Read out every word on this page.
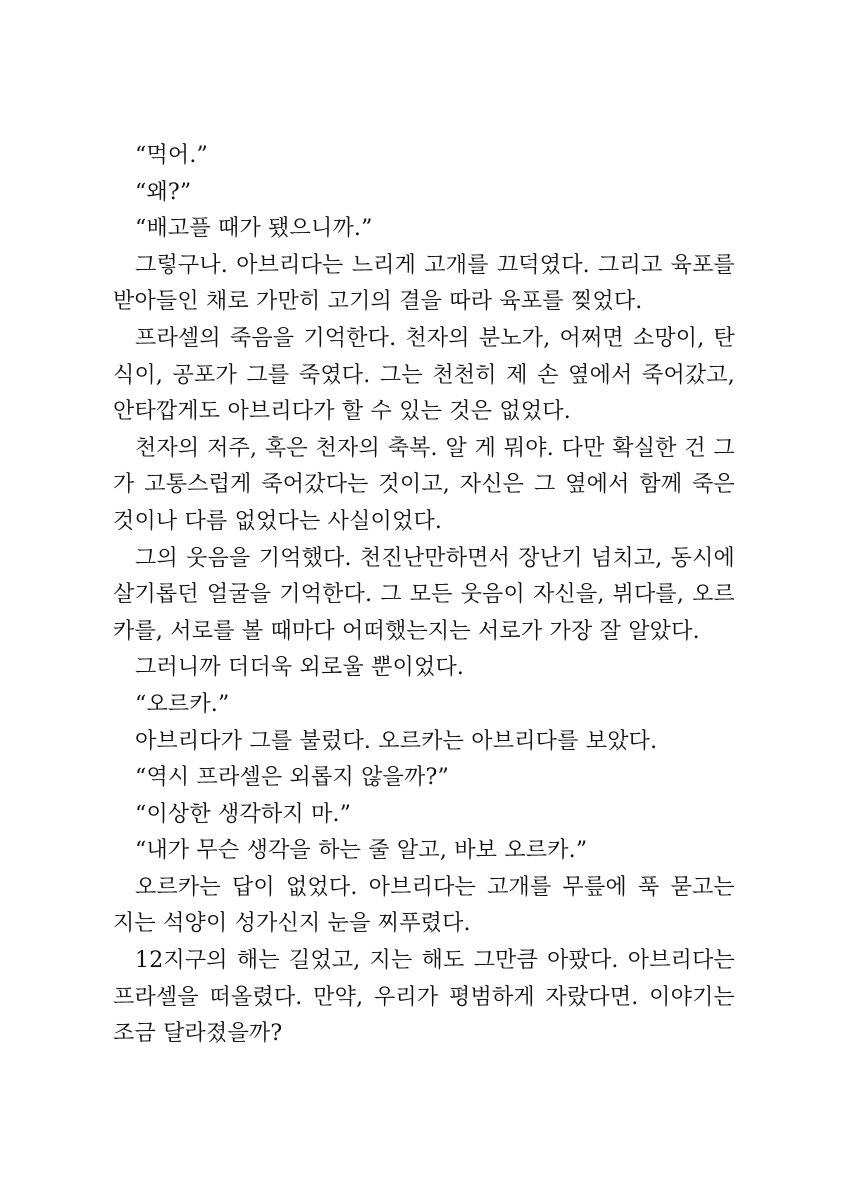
“먹어.”

“왜?”

“배고플 때가 됐으니까.”

그렇구나. 아브리다는 느리게 고개를 끄덕였다. 그리고 육포를 받아들인 채로 가만히 고기의 결을 따라 육포를 찢었다.

프라셀의 죽음을 기억한다. 천자의 분노가, 어쩌면 소망이, 탄식이, 공포가 그를 죽였다. 그는 천천히 제 손 옆에서 죽어갔고, 안타깝게도 아브리다가 할 수 있는 것은 없었다.

천자의 저주, 혹은 천자의 축복. 알 게 뭐야. 다만 확실한 건 그가 고통스럽게 죽어갔다는 것이고, 자신은 그 옆에서 함께 죽은 것이나 다름 없었다는 사실이었다.

그의 웃음을 기억했다. 천진난만하면서 장난기 넘치고, 동시에 살기롭던 얼굴을 기억한다. 그 모든 웃음이 자신을, 뷔다를, 오르카를, 서로를 볼 때마다 어떠했는지는 서로가 가장 잘 알았다.

그러니까 더더욱 외로울 뿐이었다.

“오르카.”

아브리다가 그를 불렀다. 오르카는 아브리다를 보았다.

“역시 프라셀은 외롭지 않을까?”

“이상한 생각하지 마.”

“내가 무슨 생각을 하는 줄 알고, 바보 오르카.”

오르카는 답이 없었다. 아브리다는 고개를 무릎에 푹 묻고는 지는 석양이 성가신지 눈을 찌푸렸다.

12지구의 해는 길었고, 지는 해도 그만큼 아팠다. 아브리다는 프라셀을 떠올렸다. 만약, 우리가 평범하게 자랐다면. 이야기는 조금 달라졌을까?
